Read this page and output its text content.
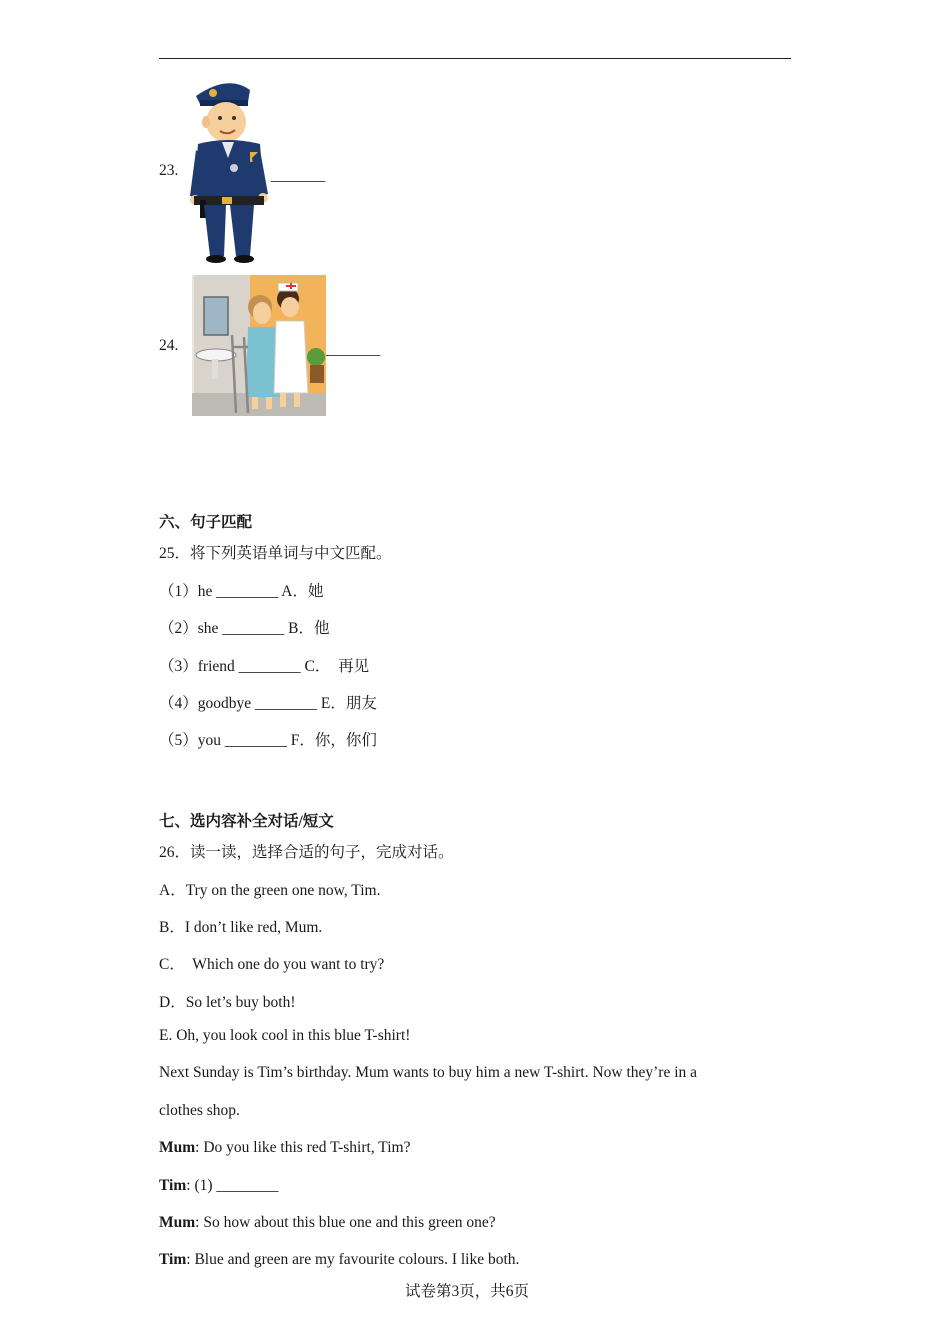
23.	_______
24.	_______
六、句子匹配
25．将下列英语单词与中文匹配。
（1）he ________ A．她
（2）she ________ B．他
（3）friend ________ C．  再见
（4）goodbye ________ E．朋友
（5）you ________ F．你，你们
七、选内容补全对话/短文
26．读一读，选择合适的句子，完成对话。
A．Try on the green one now, Tim.
B．I don’t like red, Mum.
C．  Which one do you want to try?
D．So let’s buy both!
E. Oh, you look cool in this blue T-shirt!
Next Sunday is Tim’s birthday. Mum wants to buy him a new T-shirt. Now they’re in a
clothes shop.
Mum: Do you like this red T-shirt, Tim?
Tim: (1) ________
Mum: So how about this blue one and this green one?
Tim: Blue and green are my favourite colours. I like both.
试卷第3页，共6页
